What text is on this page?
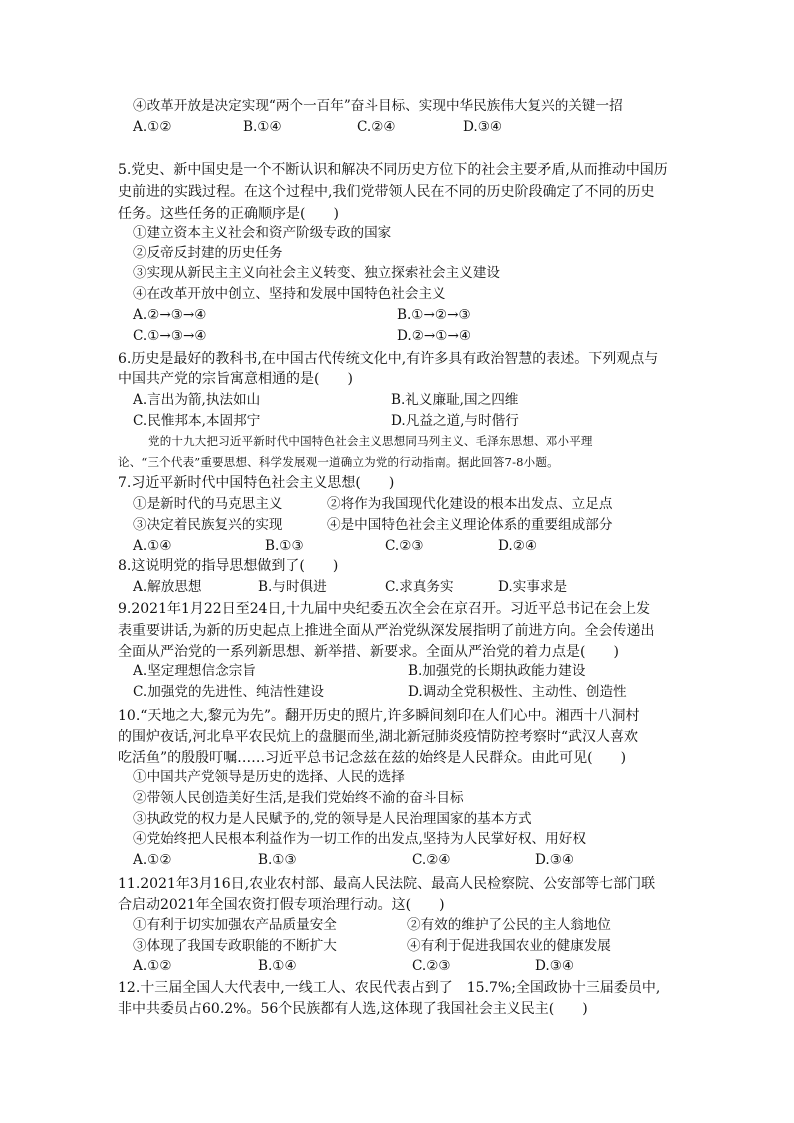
④改革开放是决定实现“两个一百年”奋斗目标、实现中华民族伟大复兴的关键一招
A.①②	B.①④	C.②④	D.③④
5.党史、新中国史是一个不断认识和解决不同历史方位下的社会主要矛盾,从而推动中国历
史前进的实践过程。在这个过程中,我们党带领人民在不同的历史阶段确定了不同的历史
任务。这些任务的正确顺序是(　　)
①建立资本主义社会和资产阶级专政的国家
②反帝反封建的历史任务
③实现从新民主主义向社会主义转变、独立探索社会主义建设
④在改革开放中创立、坚持和发展中国特色社会主义
A.②→③→④	B.①→②→③
C.①→③→④	D.②→①→④
6.历史是最好的教科书,在中国古代传统文化中,有许多具有政治智慧的表述。下列观点与
中国共产党的宗旨寓意相通的是(　　)
A.言出为箭,执法如山	B.礼义廉耻,国之四维
C.民惟邦本,本固邦宁	D.凡益之道,与时偕行
党的十九大把习近平新时代中国特色社会主义思想同马列主义、毛泽东思想、邓小平理
论、“三个代表”重要思想、科学发展观一道确立为党的行动指南。据此回答7-8小题。
7.习近平新时代中国特色社会主义思想(　　)
①是新时代的马克思主义	②将作为我国现代化建设的根本出发点、立足点
③决定着民族复兴的实现	④是中国特色社会主义理论体系的重要组成部分
A.①④	B.①③	C.②③	D.②④
8.这说明党的指导思想做到了(　　)
A.解放思想	B.与时俱进	C.求真务实	D.实事求是
9.2021年1月22日至24日,十九届中央纪委五次全会在京召开。习近平总书记在会上发
表重要讲话,为新的历史起点上推进全面从严治党纵深发展指明了前进方向。全会传递出
全面从严治党的一系列新思想、新举措、新要求。全面从严治党的着力点是(　　)
A.坚定理想信念宗旨	B.加强党的长期执政能力建设
C.加强党的先进性、纯洁性建设	D.调动全党积极性、主动性、创造性
10.“天地之大,黎元为先”。翻开历史的照片,许多瞬间刻印在人们心中。湘西十八洞村
的围炉夜话,河北阜平农民炕上的盘腿而坐,湖北新冠肺炎疫情防控考察时“武汉人喜欢
吃活鱼”的殷殷叮嘱……习近平总书记念兹在兹的始终是人民群众。由此可见(　　)
①中国共产党领导是历史的选择、人民的选择
②带领人民创造美好生活,是我们党始终不渝的奋斗目标
③执政党的权力是人民赋予的,党的领导是人民治理国家的基本方式
④党始终把人民根本利益作为一切工作的出发点,坚持为人民掌好权、用好权
A.①②	B.①③	C.②④	D.③④
11.2021年3月16日,农业农村部、最高人民法院、最高人民检察院、公安部等七部门联
合启动2021年全国农资打假专项治理行动。这(　　)
①有利于切实加强农产品质量安全	②有效的维护了公民的主人翁地位
③体现了我国专政职能的不断扩大	④有利于促进我国农业的健康发展
A.①②	B.①④	C.②③	D.③④
12.十三届全国人大代表中,一线工人、农民代表占到了　15.7%;全国政协十三届委员中,
非中共委员占60.2%。56个民族都有人选,这体现了我国社会主义民主(　　)
